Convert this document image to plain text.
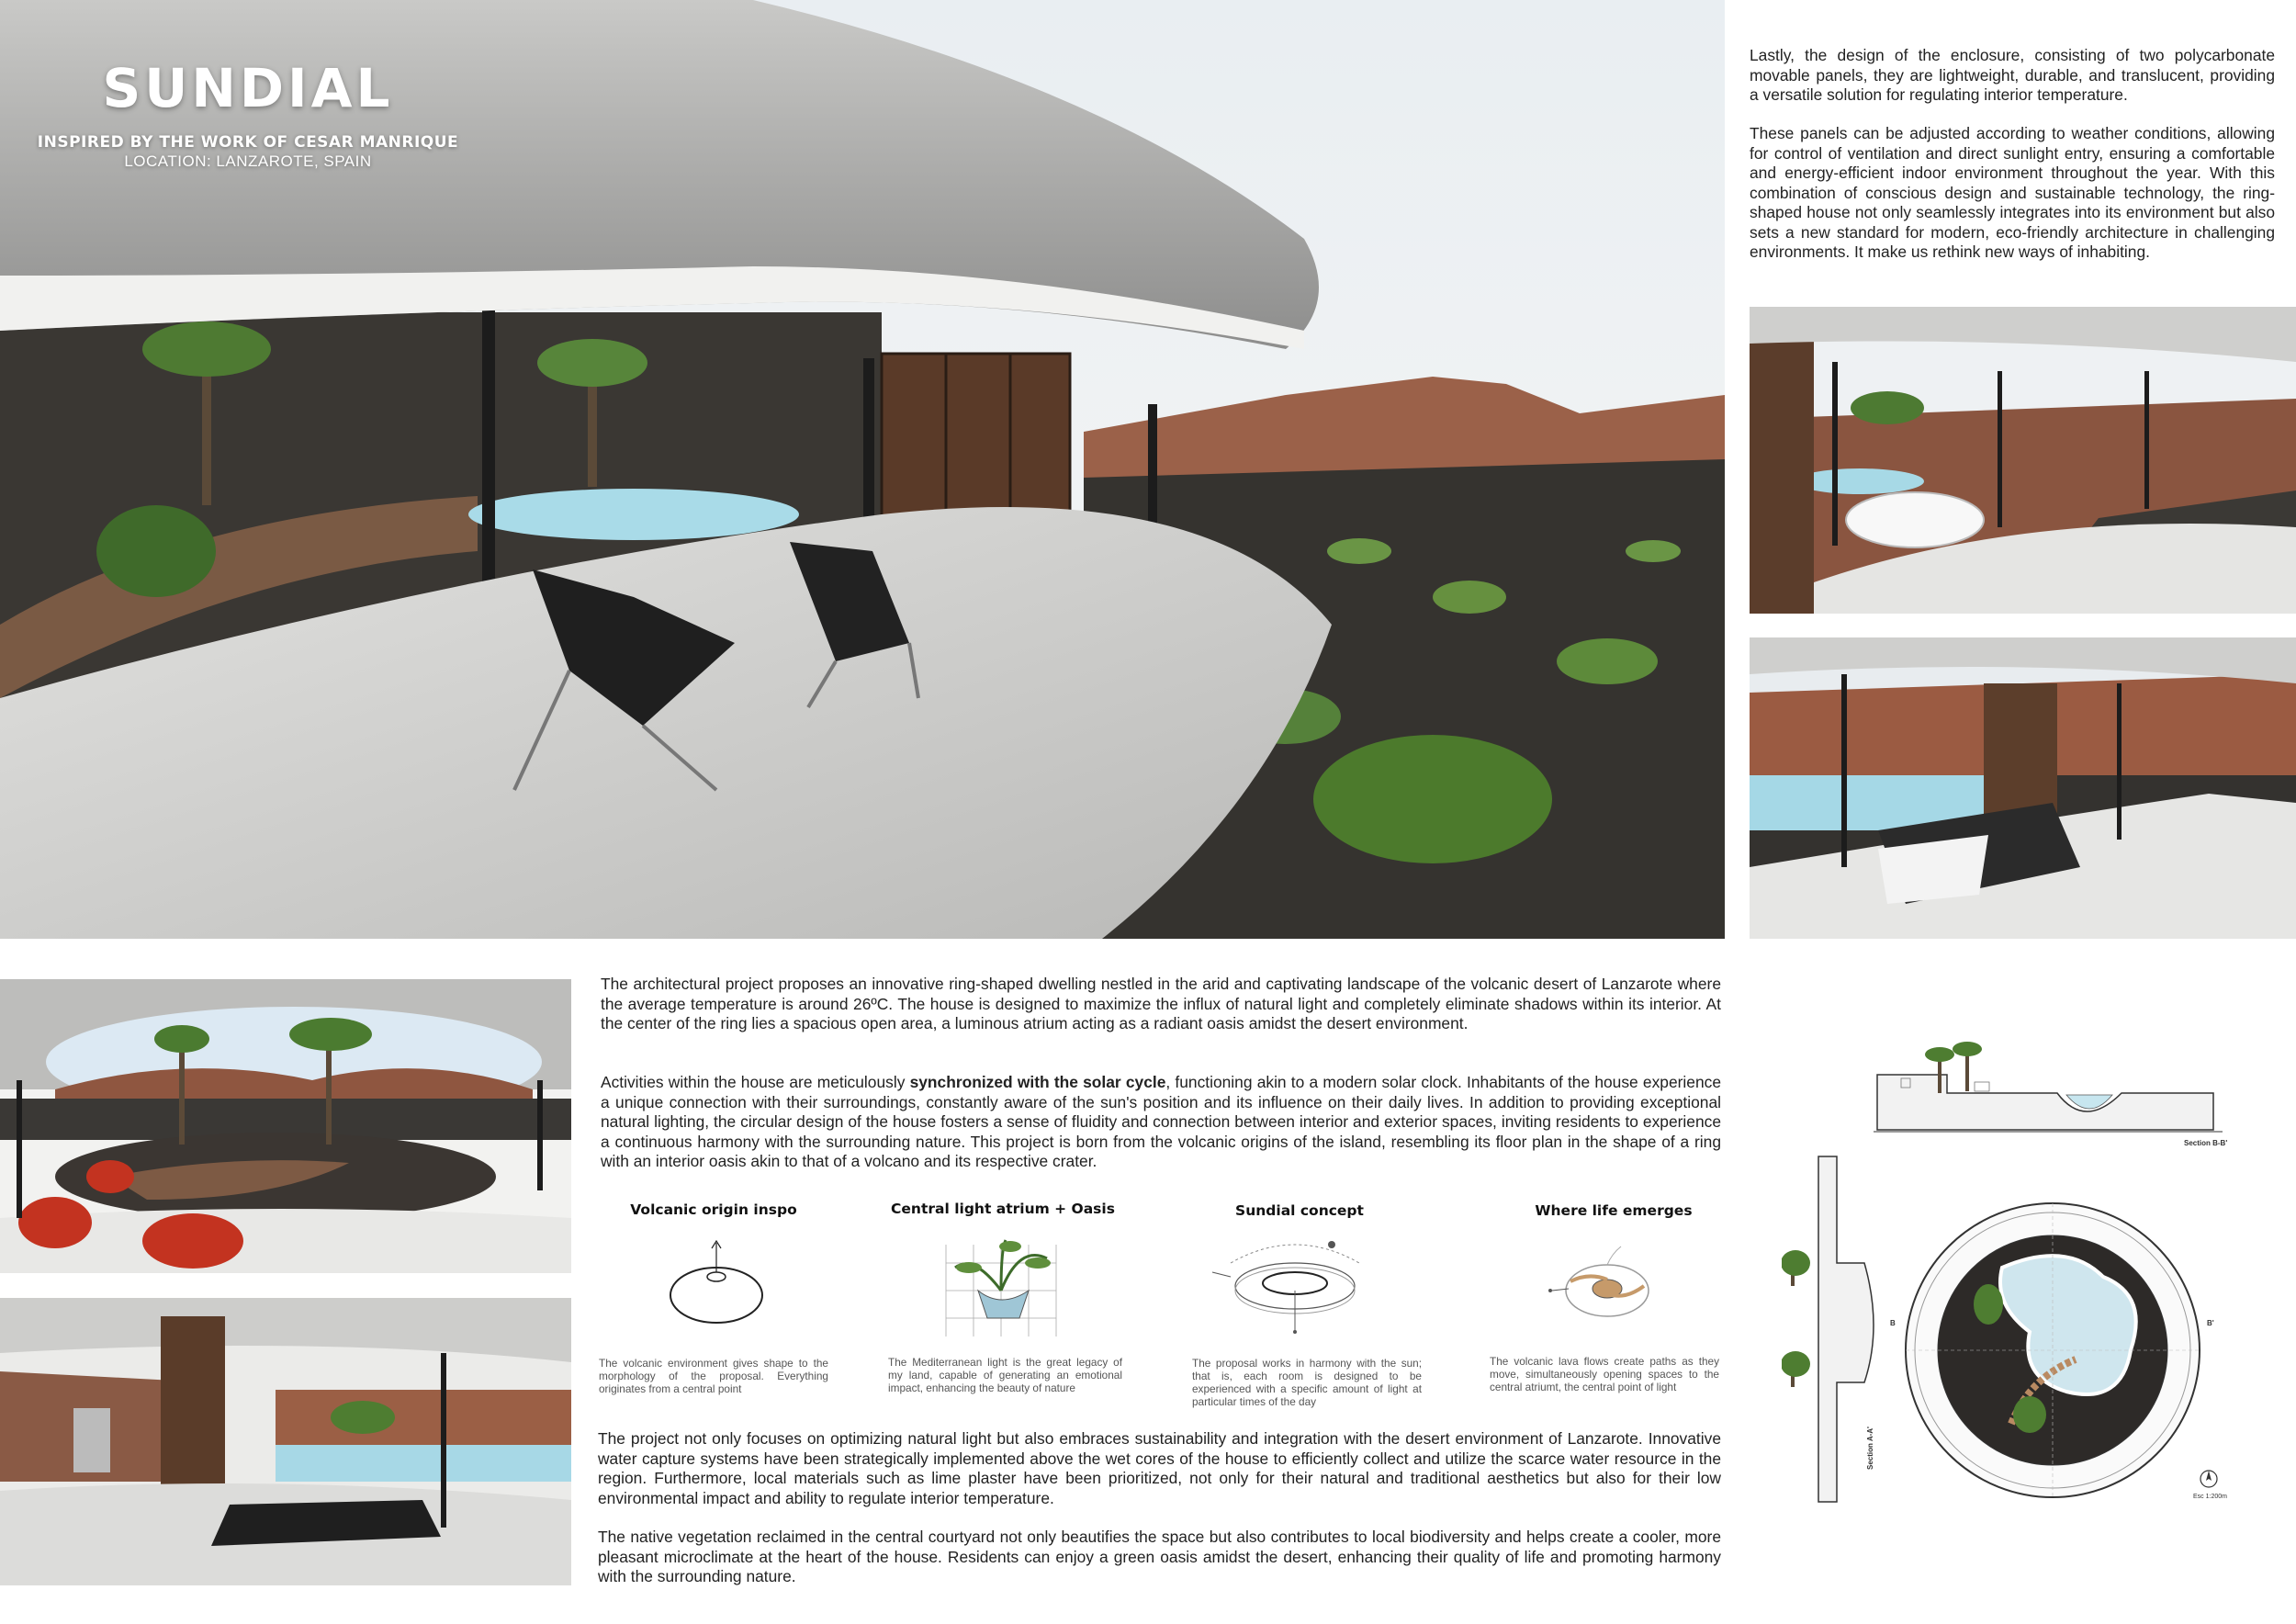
SUNDIAL
INSPIRED BY THE WORK OF CESAR MANRIQUE
LOCATION: LANZAROTE, SPAIN

Lastly, the design of the enclosure, consisting of two polycarbonate movable panels, they are lightweight, durable, and translucent, providing a versatile solution for regulating interior temperature.

These panels can be adjusted according to weather conditions, allowing for control of ventilation and direct sunlight entry, ensuring a comfortable and energy-efficient indoor environment throughout the year. With this combination of conscious design and sustainable technology, the ring-shaped house not only seamlessly integrates into its environment but also sets a new standard for modern, eco-friendly architecture in challenging environments. It make us rethink new ways of inhabiting.

The architectural project proposes an innovative ring-shaped dwelling nestled in the arid and captivating landscape of the volcanic desert of Lanzarote where the average temperature is around 26ºC. The house is designed to maximize the influx of natural light and completely eliminate shadows within its interior. At the center of the ring lies a spacious open area, a luminous atrium acting as a radiant oasis amidst the desert environment.

Activities within the house are meticulously synchronized with the solar cycle, functioning akin to a modern solar clock. Inhabitants of the house experience a unique connection with their surroundings, constantly aware of the sun's position and its influence on their daily lives. In addition to providing exceptional natural lighting, the circular design of the house fosters a sense of fluidity and connection between interior and exterior spaces, inviting residents to experience a continuous harmony with the surrounding nature. This project is born from the volcanic origins of the island, resembling its floor plan in the shape of a ring with an interior oasis akin to that of a volcano and its respective crater.

Volcanic origin inspo	Central light atrium + Oasis	Sundial concept	Where life emerges

The volcanic environment gives shape to the morphology of the proposal. Everything originates from a central point

The Mediterranean light is the great legacy of my land, capable of generating an emotional impact, enhancing the beauty of nature

The proposal works in harmony with the sun; that is, each room is designed to be experienced with a specific amount of light at particular times of the day

The volcanic lava flows create paths as they move, simultaneously opening spaces to the central atriumt, the central point of light

The project not only focuses on optimizing natural light but also embraces sustainability and integration with the desert environment of Lanzarote. Innovative water capture systems have been strategically implemented above the wet cores of the house to efficiently collect and utilize the scarce water resource in the region. Furthermore, local materials such as lime plaster have been prioritized, not only for their natural and traditional aesthetics but also for their low environmental impact and ability to regulate interior temperature.

The native vegetation reclaimed in the central courtyard not only beautifies the space but also contributes to local biodiversity and helps create a cooler, more pleasant microclimate at the heart of the house. Residents can enjoy a green oasis amidst the desert, enhancing their quality of life and promoting harmony with the surrounding nature.

Section B-B'
Section A-A'
B'
B
Esc 1:200m
